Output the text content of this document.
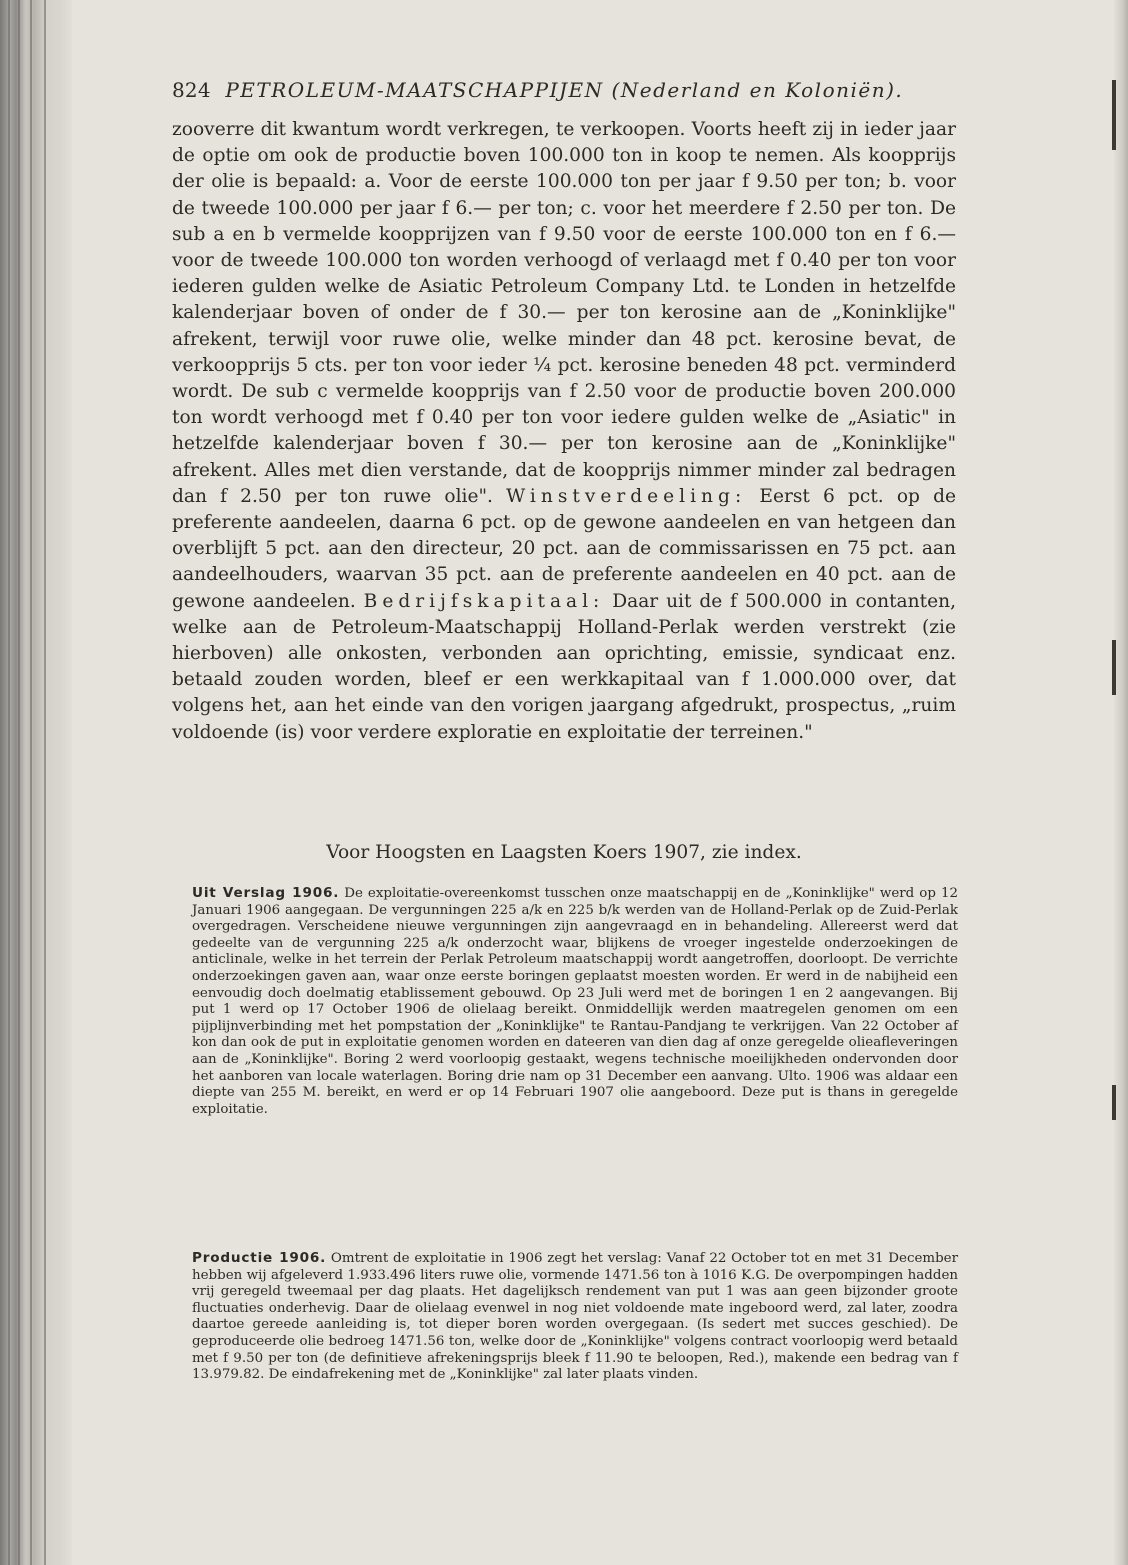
824 PETROLEUM-MAATSCHAPPIJEN (Nederland en Koloniën).

zooverre dit kwantum wordt verkregen, te verkoopen. Voorts heeft zij in ieder jaar de optie om ook de productie boven 100.000 ton in koop te nemen. Als koopprijs der olie is bepaald: a. Voor de eerste 100.000 ton per jaar f 9.50 per ton; b. voor de tweede 100.000 per jaar f 6.— per ton; c. voor het meerdere f 2.50 per ton. De sub a en b vermelde koopprijzen van f 9.50 voor de eerste 100.000 ton en f 6.— voor de tweede 100.000 ton worden verhoogd of verlaagd met f 0.40 per ton voor iederen gulden welke de Asiatic Petroleum Company Ltd. te Londen in hetzelfde kalenderjaar boven of onder de f 30.— per ton kerosine aan de „Koninklijke" afrekent, terwijl voor ruwe olie, welke minder dan 48 pct. kerosine bevat, de verkoopprijs 5 cts. per ton voor ieder ¼ pct. kerosine beneden 48 pct. verminderd wordt. De sub c vermelde koopprijs van f 2.50 voor de productie boven 200.000 ton wordt verhoogd met f 0.40 per ton voor iedere gulden welke de „Asiatic" in hetzelfde kalenderjaar boven f 30.— per ton kerosine aan de „Koninklijke" afrekent. Alles met dien verstande, dat de koopprijs nimmer minder zal bedragen dan f 2.50 per ton ruwe olie". Winstverdeeling: Eerst 6 pct. op de preferente aandeelen, daarna 6 pct. op de gewone aandeelen en van hetgeen dan overblijft 5 pct. aan den directeur, 20 pct. aan de commissarissen en 75 pct. aan aandeelhouders, waarvan 35 pct. aan de preferente aandeelen en 40 pct. aan de gewone aandeelen. Bedrijfskapitaal: Daar uit de f 500.000 in contanten, welke aan de Petroleum-Maatschappij Holland-Perlak werden verstrekt (zie hierboven) alle onkosten, verbonden aan oprichting, emissie, syndicaat enz. betaald zouden worden, bleef er een werkkapitaal van f 1.000.000 over, dat volgens het, aan het einde van den vorigen jaargang afgedrukt, prospectus, „ruim voldoende (is) voor verdere exploratie en exploitatie der terreinen."

Voor Hoogsten en Laagsten Koers 1907, zie index.

Uit Verslag 1906. De exploitatie-overeenkomst tusschen onze maatschappij en de „Koninklijke" werd op 12 Januari 1906 aangegaan. De vergunningen 225 a/k en 225 b/k werden van de Holland-Perlak op de Zuid-Perlak overgedragen. Verscheidene nieuwe vergunningen zijn aangevraagd en in behandeling. Allereerst werd dat gedeelte van de vergunning 225 a/k onderzocht waar, blijkens de vroeger ingestelde onderzoekingen de anticlinale, welke in het terrein der Perlak Petroleum maatschappij wordt aangetroffen, doorloopt. De verrichte onderzoekingen gaven aan, waar onze eerste boringen geplaatst moesten worden. Er werd in de nabijheid een eenvoudig doch doelmatig etablissement gebouwd. Op 23 Juli werd met de boringen 1 en 2 aangevangen. Bij put 1 werd op 17 October 1906 de olielaag bereikt. Onmiddellijk werden maatregelen genomen om een pijplijnverbinding met het pompstation der „Koninklijke" te Rantau-Pandjang te verkrijgen. Van 22 October af kon dan ook de put in exploitatie genomen worden en dateeren van dien dag af onze geregelde olieafleveringen aan de „Koninklijke". Boring 2 werd voorloopig gestaakt, wegens technische moeilijkheden ondervonden door het aanboren van locale waterlagen. Boring drie nam op 31 December een aanvang. Ulto. 1906 was aldaar een diepte van 255 M. bereikt, en werd er op 14 Februari 1907 olie aangeboord. Deze put is thans in geregelde exploitatie.

Productie 1906. Omtrent de exploitatie in 1906 zegt het verslag: Vanaf 22 October tot en met 31 December hebben wij afgeleverd 1.933.496 liters ruwe olie, vormende 1471.56 ton à 1016 K.G. De overpompingen hadden vrij geregeld tweemaal per dag plaats. Het dagelijksch rendement van put 1 was aan geen bijzonder groote fluctuaties onderhevig. Daar de olielaag evenwel in nog niet voldoende mate ingeboord werd, zal later, zoodra daartoe gereede aanleiding is, tot dieper boren worden overgegaan. (Is sedert met succes geschied). De geproduceerde olie bedroeg 1471.56 ton, welke door de „Koninklijke" volgens contract voorloopig werd betaald met f 9.50 per ton (de definitieve afrekeningsprijs bleek f 11.90 te beloopen, Red.), makende een bedrag van f 13.979.82. De eindafrekening met de „Koninklijke" zal later plaats vinden.
